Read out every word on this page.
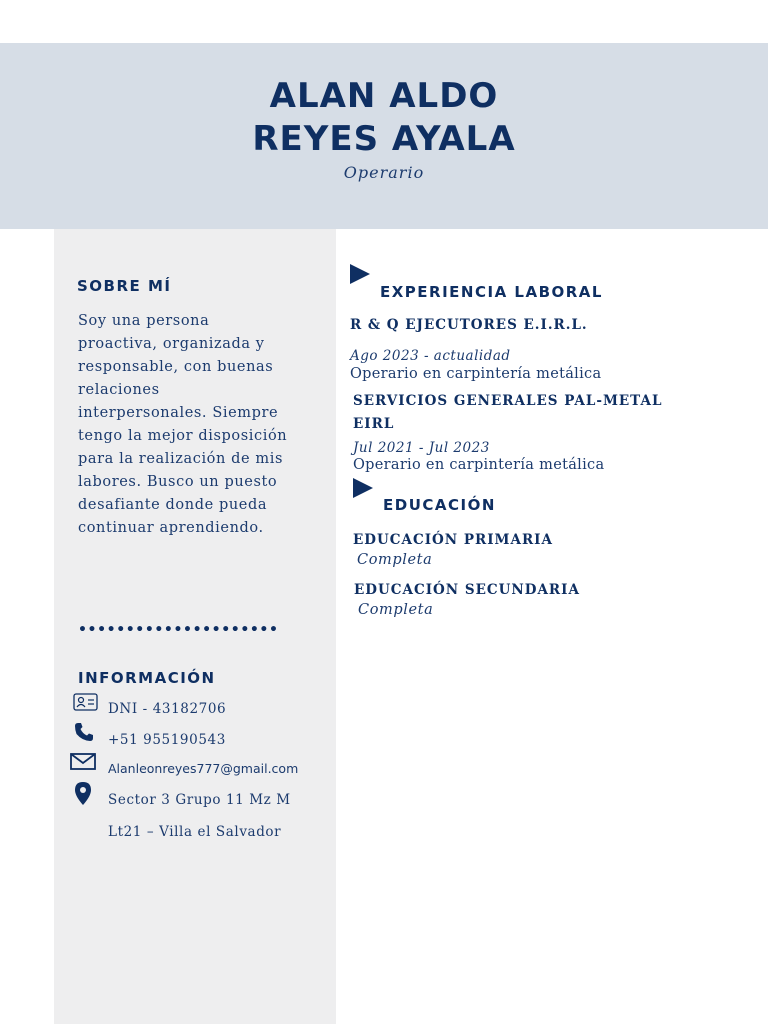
ALAN ALDO
REYES AYALA
Operario
SOBRE MÍ
Soy una persona proactiva, organizada y responsable, con buenas relaciones interpersonales. Siempre tengo la mejor disposición para la realización de mis labores. Busco un puesto desafiante donde pueda continuar aprendiendo.
•••••••••••••••••••••
INFORMACIÓN
DNI - 43182706
+51 955190543
Alanleonreyes777@gmail.com
Sector 3 Grupo 11 Mz M
Lt21 – Villa el Salvador
EXPERIENCIA LABORAL
R & Q EJECUTORES E.I.R.L.
Ago 2023 - actualidad
Operario en carpintería metálica
SERVICIOS GENERALES PAL-METAL
EIRL
Jul 2021 - Jul 2023
Operario en carpintería metálica
EDUCACIÓN
EDUCACIÓN PRIMARIA
Completa
EDUCACIÓN SECUNDARIA
Completa
